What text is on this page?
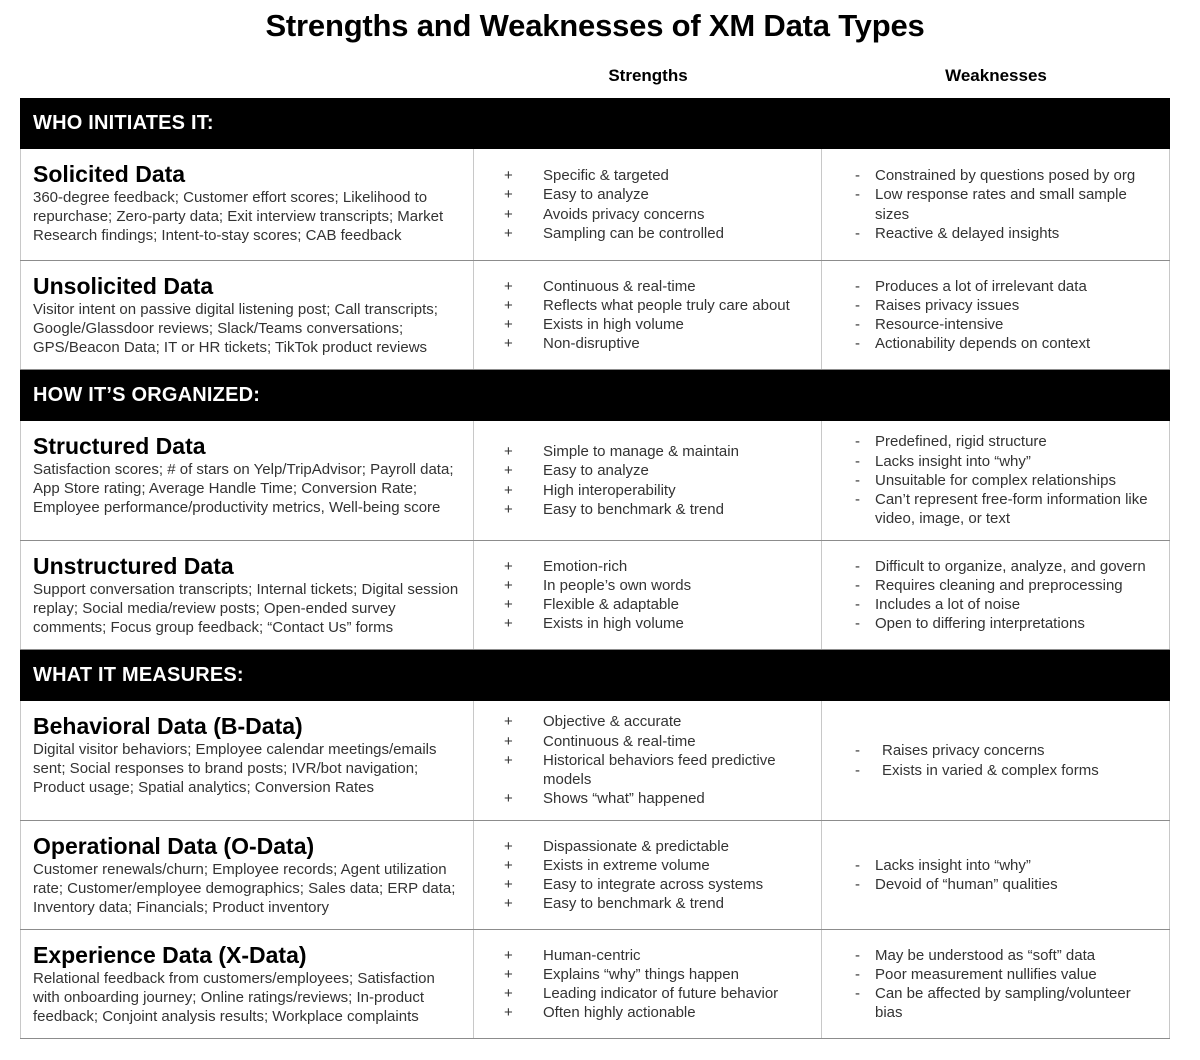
Strengths and Weaknesses of XM Data Types
Strengths	Weaknesses
WHO INITIATES IT:
Solicited Data
360-degree feedback; Customer effort scores; Likelihood to repurchase; Zero-party data; Exit interview transcripts; Market Research findings; Intent-to-stay scores; CAB feedback
+ Specific & targeted
+ Easy to analyze
+ Avoids privacy concerns
+ Sampling can be controlled
- Constrained by questions posed by org
- Low response rates and small sample sizes
- Reactive & delayed insights
Unsolicited Data
Visitor intent on passive digital listening post; Call transcripts; Google/Glassdoor reviews; Slack/Teams conversations; GPS/Beacon Data; IT or HR tickets; TikTok product reviews
+ Continuous & real-time
+ Reflects what people truly care about
+ Exists in high volume
+ Non-disruptive
- Produces a lot of irrelevant data
- Raises privacy issues
- Resource-intensive
- Actionability depends on context
HOW IT’S ORGANIZED:
Structured Data
Satisfaction scores; # of stars on Yelp/TripAdvisor; Payroll data; App Store rating; Average Handle Time; Conversion Rate; Employee performance/productivity metrics, Well-being score
+ Simple to manage & maintain
+ Easy to analyze
+ High interoperability
+ Easy to benchmark & trend
- Predefined, rigid structure
- Lacks insight into “why”
- Unsuitable for complex relationships
- Can’t represent free-form information like video, image, or text
Unstructured Data
Support conversation transcripts; Internal tickets; Digital session replay; Social media/review posts; Open-ended survey comments; Focus group feedback; “Contact Us” forms
+ Emotion-rich
+ In people’s own words
+ Flexible & adaptable
+ Exists in high volume
- Difficult to organize, analyze, and govern
- Requires cleaning and preprocessing
- Includes a lot of noise
- Open to differing interpretations
WHAT IT MEASURES:
Behavioral Data (B-Data)
Digital visitor behaviors; Employee calendar meetings/emails sent; Social responses to brand posts; IVR/bot navigation; Product usage; Spatial analytics; Conversion Rates
+ Objective & accurate
+ Continuous & real-time
+ Historical behaviors feed predictive models
+ Shows “what” happened
- Raises privacy concerns
- Exists in varied & complex forms
Operational Data (O-Data)
Customer renewals/churn; Employee records; Agent utilization rate; Customer/employee demographics; Sales data; ERP data; Inventory data; Financials; Product inventory
+ Dispassionate & predictable
+ Exists in extreme volume
+ Easy to integrate across systems
+ Easy to benchmark & trend
- Lacks insight into “why”
- Devoid of “human” qualities
Experience Data (X-Data)
Relational feedback from customers/employees; Satisfaction with onboarding journey; Online ratings/reviews; In-product feedback; Conjoint analysis results; Workplace complaints
+ Human-centric
+ Explains “why” things happen
+ Leading indicator of future behavior
+ Often highly actionable
- May be understood as “soft” data
- Poor measurement nullifies value
- Can be affected by sampling/volunteer bias
